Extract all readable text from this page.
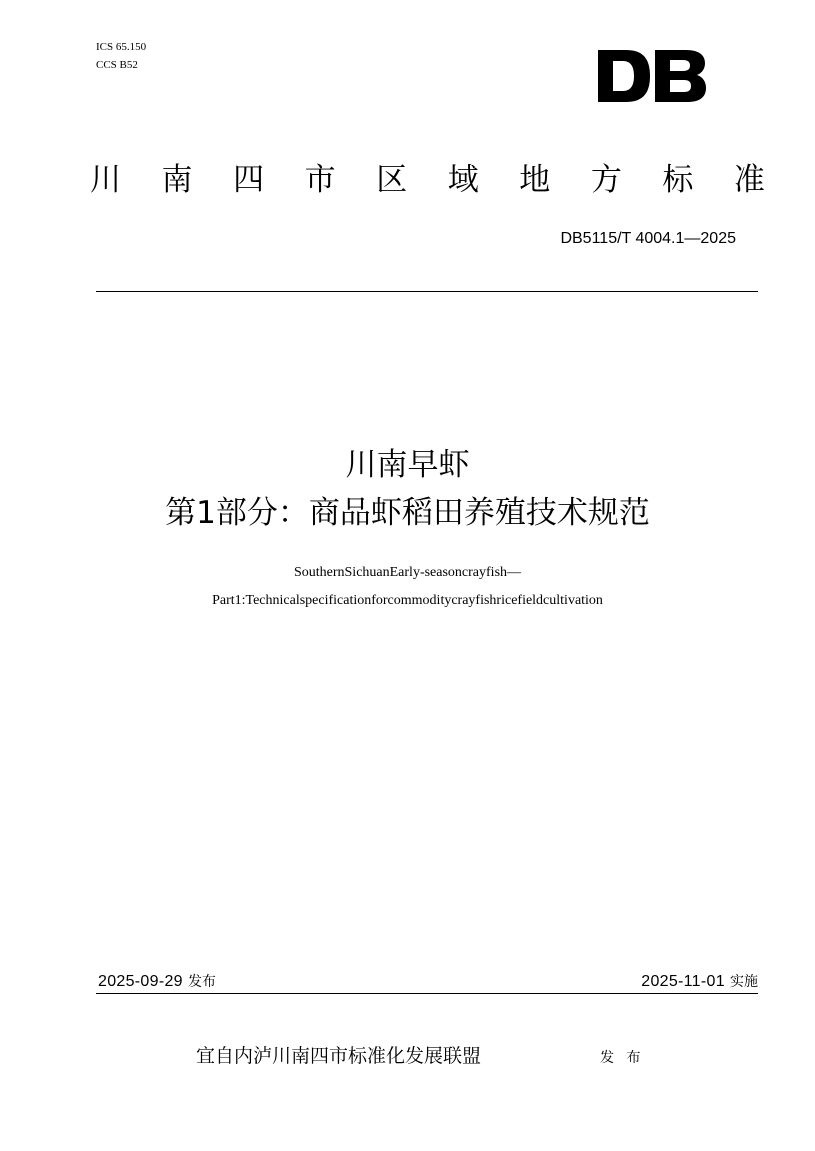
ICS 65.150
CCS B52
川 南 四 市 区 域 地 方 标 准
DB5115/T 4004.1—2025
川南早虾
第1部分：商品虾稻田养殖技术规范
SouthernSichuanEarly-seasoncrayfish—
Part1:Technicalspecificationforcommoditycrayfishricefieldcultivation
2025-09-29 发布	2025-11-01 实施
宜自内泸川南四市标准化发展联盟	发 布
